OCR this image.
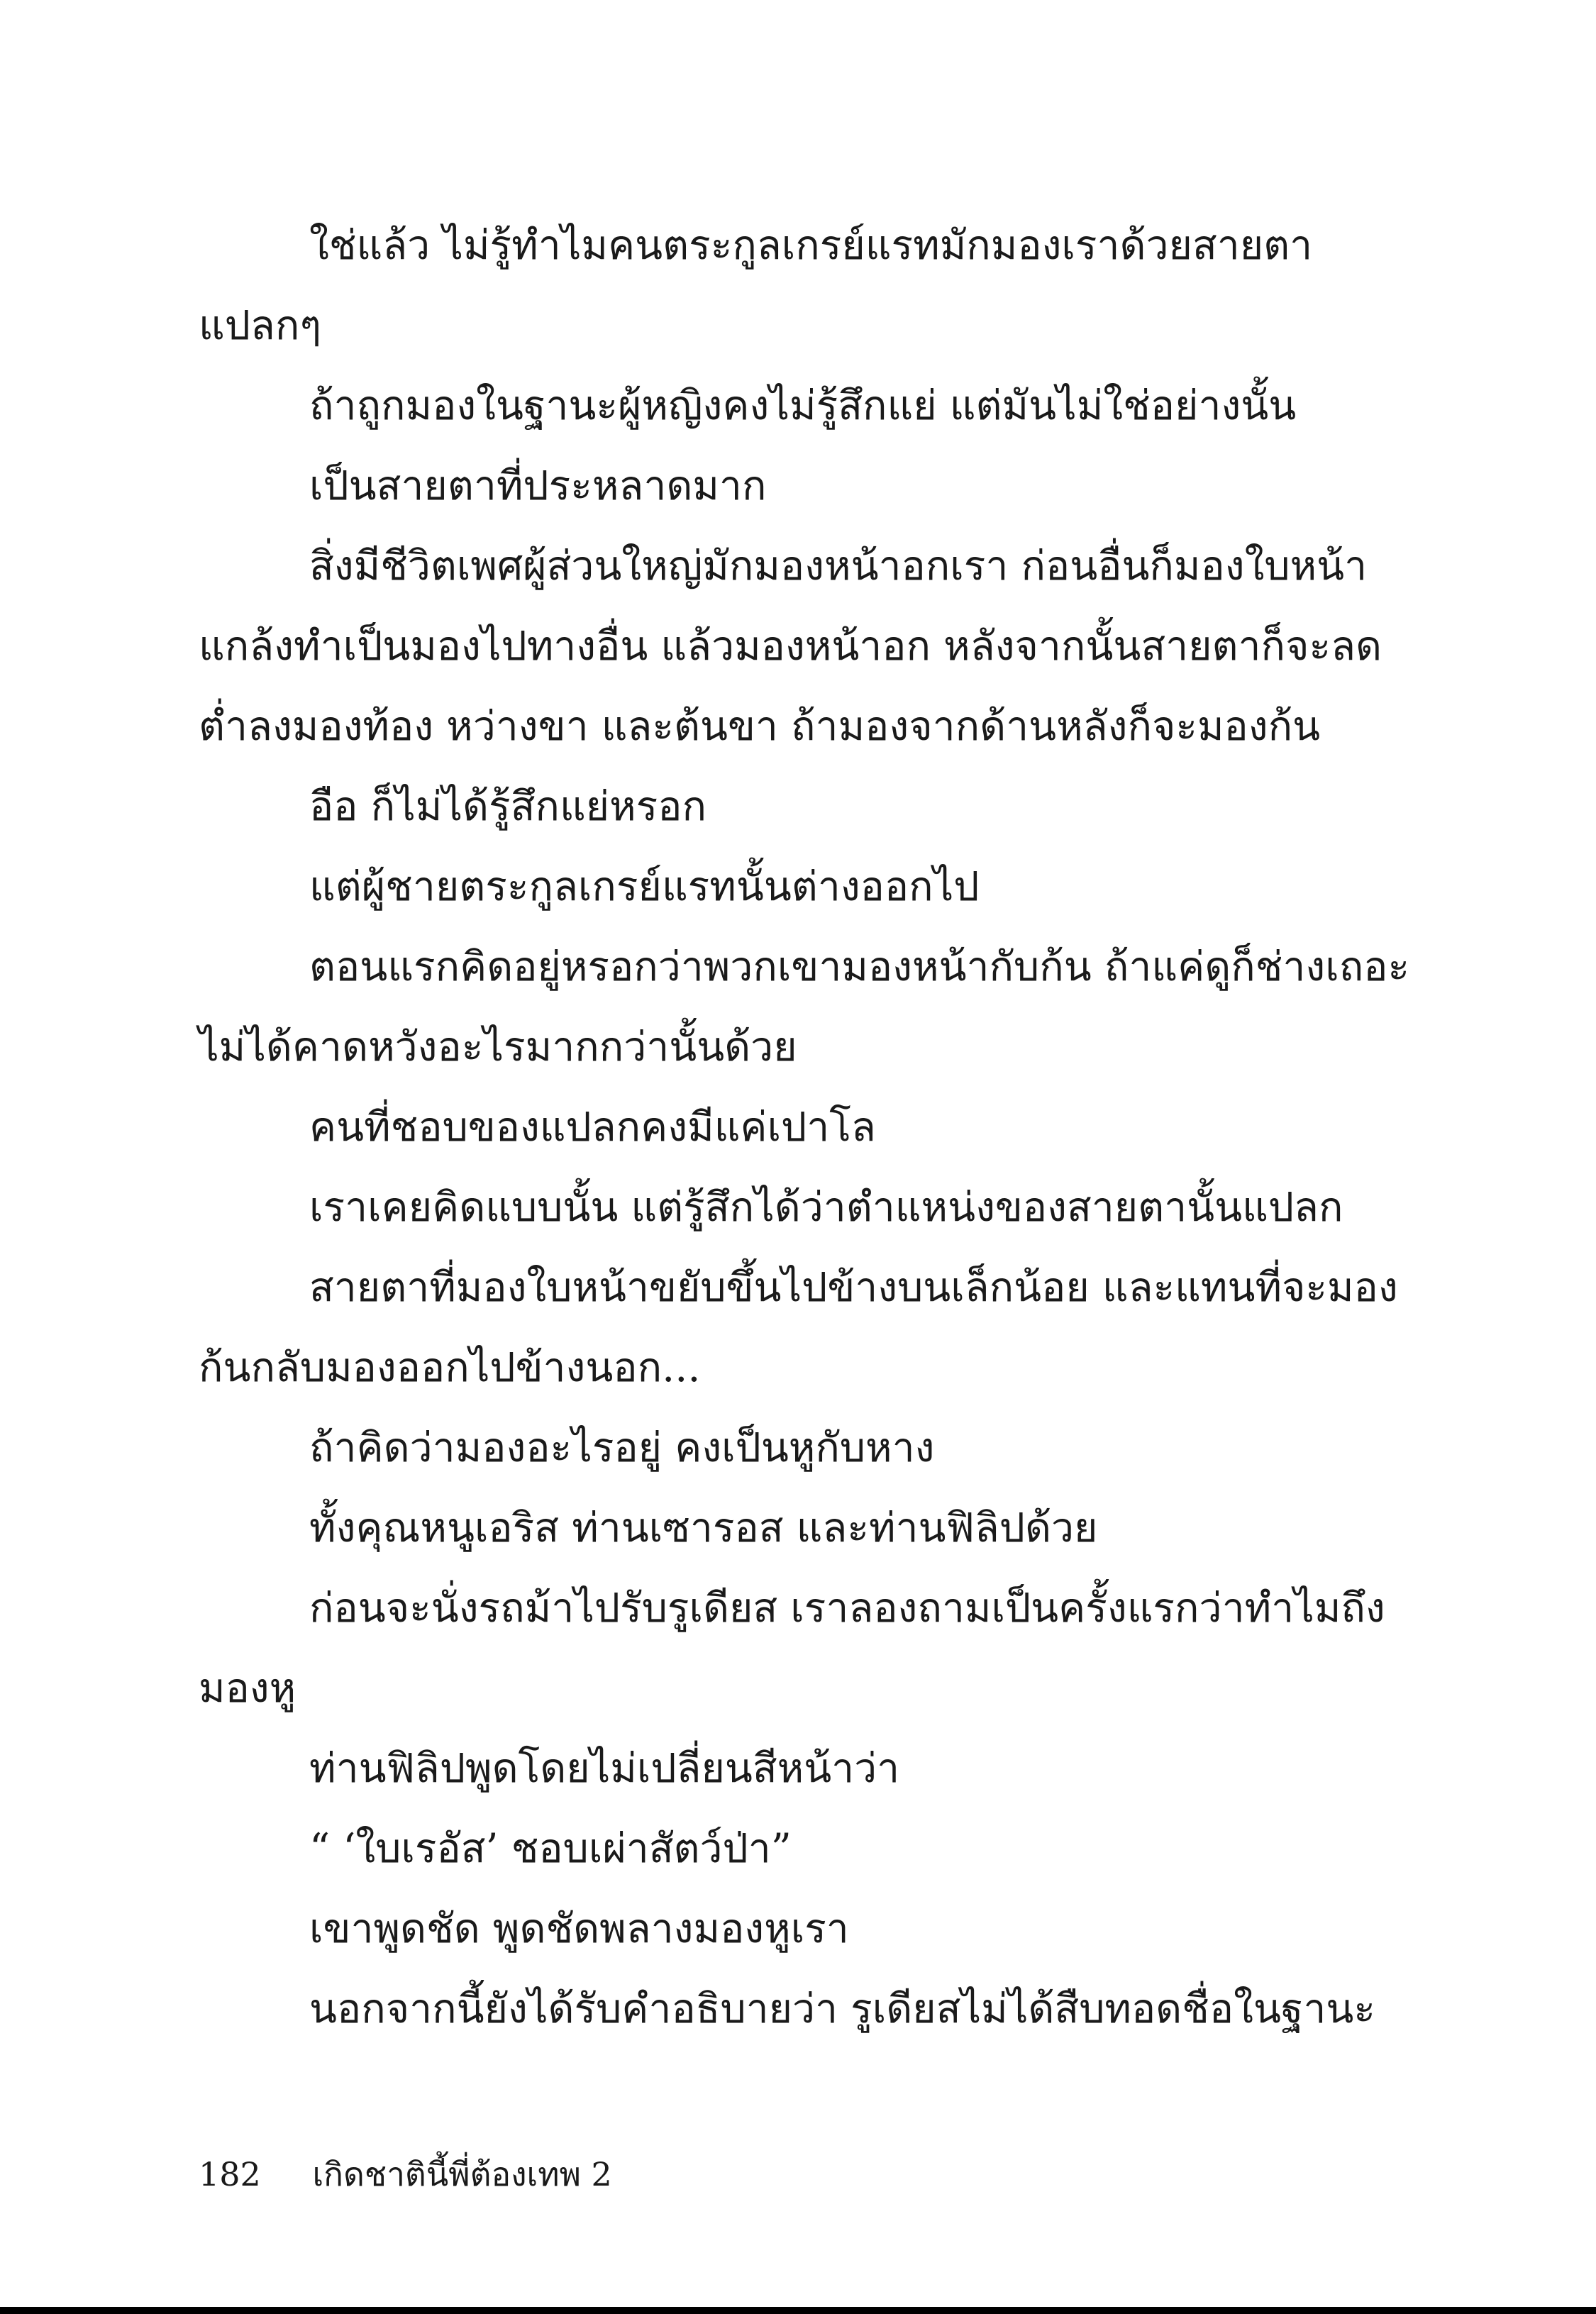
ใช่แล้ว ไม่รู้ทำไมคนตระกูลเกรย์แรทมักมองเราด้วยสายตา
แปลกๆ
ถ้าถูกมองในฐานะผู้หญิงคงไม่รู้สึกแย่ แต่มันไม่ใช่อย่างนั้น
เป็นสายตาที่ประหลาดมาก
สิ่งมีชีวิตเพศผู้ส่วนใหญ่มักมองหน้าอกเรา ก่อนอื่นก็มองใบหน้า
แกล้งทำเป็นมองไปทางอื่น แล้วมองหน้าอก หลังจากนั้นสายตาก็จะลด
ต่ำลงมองท้อง หว่างขา และต้นขา ถ้ามองจากด้านหลังก็จะมองก้น
อือ ก็ไม่ได้รู้สึกแย่หรอก
แต่ผู้ชายตระกูลเกรย์แรทนั้นต่างออกไป
ตอนแรกคิดอยู่หรอกว่าพวกเขามองหน้ากับก้น ถ้าแค่ดูก็ช่างเถอะ
ไม่ได้คาดหวังอะไรมากกว่านั้นด้วย
คนที่ชอบของแปลกคงมีแค่เปาโล
เราเคยคิดแบบนั้น แต่รู้สึกได้ว่าตำแหน่งของสายตานั้นแปลก
สายตาที่มองใบหน้าขยับขึ้นไปข้างบนเล็กน้อย และแทนที่จะมอง
ก้นกลับมองออกไปข้างนอก...
ถ้าคิดว่ามองอะไรอยู่ คงเป็นหูกับหาง
ทั้งคุณหนูเอริส ท่านเซารอส และท่านฟิลิปด้วย
ก่อนจะนั่งรถม้าไปรับรูเดียส เราลองถามเป็นครั้งแรกว่าทำไมถึง
มองหู
ท่านฟิลิปพูดโดยไม่เปลี่ยนสีหน้าว่า
“ ‘ใบเรอัส’ ชอบเผ่าสัตว์ป่า”
เขาพูดชัด พูดชัดพลางมองหูเรา
นอกจากนี้ยังได้รับคำอธิบายว่า รูเดียสไม่ได้สืบทอดชื่อในฐานะ
182 เกิดชาตินี้พี่ต้องเทพ 2
